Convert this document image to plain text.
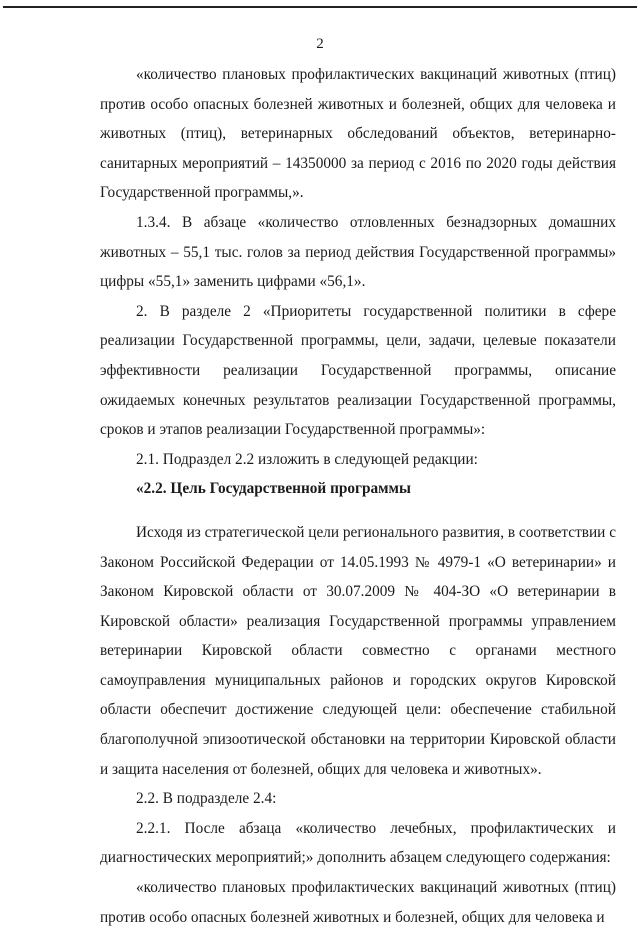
2

«количество плановых профилактических вакцинаций животных (птиц) против особо опасных болезней животных и болезней, общих для человека и животных (птиц), ветеринарных обследований объектов, ветеринарно-санитарных мероприятий – 14350000 за период с 2016 по 2020 годы действия Государственной программы,».

1.3.4. В абзаце «количество отловленных безнадзорных домашних животных – 55,1 тыс. голов за период действия Государственной программы» цифры «55,1» заменить цифрами «56,1».

2. В разделе 2 «Приоритеты государственной политики в сфере реализации Государственной программы, цели, задачи, целевые показатели эффективности реализации Государственной программы, описание ожидаемых конечных результатов реализации Государственной программы, сроков и этапов реализации Государственной программы»:

2.1. Подраздел 2.2 изложить в следующей редакции:

«2.2. Цель Государственной программы

Исходя из стратегической цели регионального развития, в соответствии с Законом Российской Федерации от 14.05.1993 № 4979-1 «О ветеринарии» и Законом Кировской области от 30.07.2009 № 404-ЗО «О ветеринарии в Кировской области» реализация Государственной программы управлением ветеринарии Кировской области совместно с органами местного самоуправления муниципальных районов и городских округов Кировской области обеспечит достижение следующей цели: обеспечение стабильной благополучной эпизоотической обстановки на территории Кировской области и защита населения от болезней, общих для человека и животных».

2.2. В подразделе 2.4:

2.2.1. После абзаца «количество лечебных, профилактических и диагностических мероприятий;» дополнить абзацем следующего содержания:

«количество плановых профилактических вакцинаций животных (птиц) против особо опасных болезней животных и болезней, общих для человека и
